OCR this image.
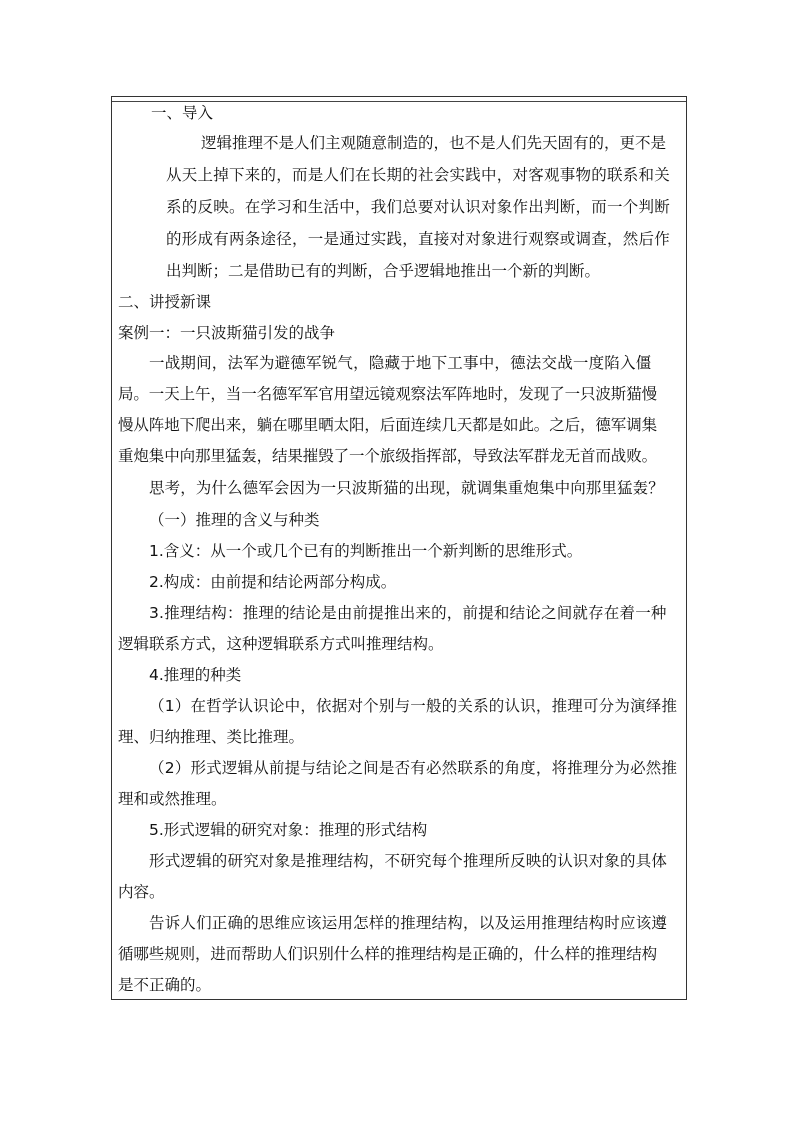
一、导入
逻辑推理不是人们主观随意制造的，也不是人们先天固有的，更不是
从天上掉下来的，而是人们在长期的社会实践中，对客观事物的联系和关
系的反映。在学习和生活中，我们总要对认识对象作出判断，而一个判断
的形成有两条途径，一是通过实践，直接对对象进行观察或调查，然后作
出判断；二是借助已有的判断，合乎逻辑地推出一个新的判断。
二、讲授新课
案例一：一只波斯猫引发的战争
一战期间，法军为避德军锐气，隐藏于地下工事中，德法交战一度陷入僵
局。一天上午，当一名德军军官用望远镜观察法军阵地时，发现了一只波斯猫慢
慢从阵地下爬出来，躺在哪里晒太阳，后面连续几天都是如此。之后，德军调集
重炮集中向那里猛轰，结果摧毁了一个旅级指挥部，导致法军群龙无首而战败。
思考，为什么德军会因为一只波斯猫的出现，就调集重炮集中向那里猛轰？
（一）推理的含义与种类
1.含义：从一个或几个已有的判断推出一个新判断的思维形式。
2.构成：由前提和结论两部分构成。
3.推理结构：推理的结论是由前提推出来的，前提和结论之间就存在着一种
逻辑联系方式，这种逻辑联系方式叫推理结构。
4.推理的种类
（1）在哲学认识论中，依据对个别与一般的关系的认识，推理可分为演绎推
理、归纳推理、类比推理。
（2）形式逻辑从前提与结论之间是否有必然联系的角度，将推理分为必然推
理和或然推理。
5.形式逻辑的研究对象：推理的形式结构
形式逻辑的研究对象是推理结构，不研究每个推理所反映的认识对象的具体
内容。
告诉人们正确的思维应该运用怎样的推理结构，以及运用推理结构时应该遵
循哪些规则，进而帮助人们识别什么样的推理结构是正确的，什么样的推理结构
是不正确的。
